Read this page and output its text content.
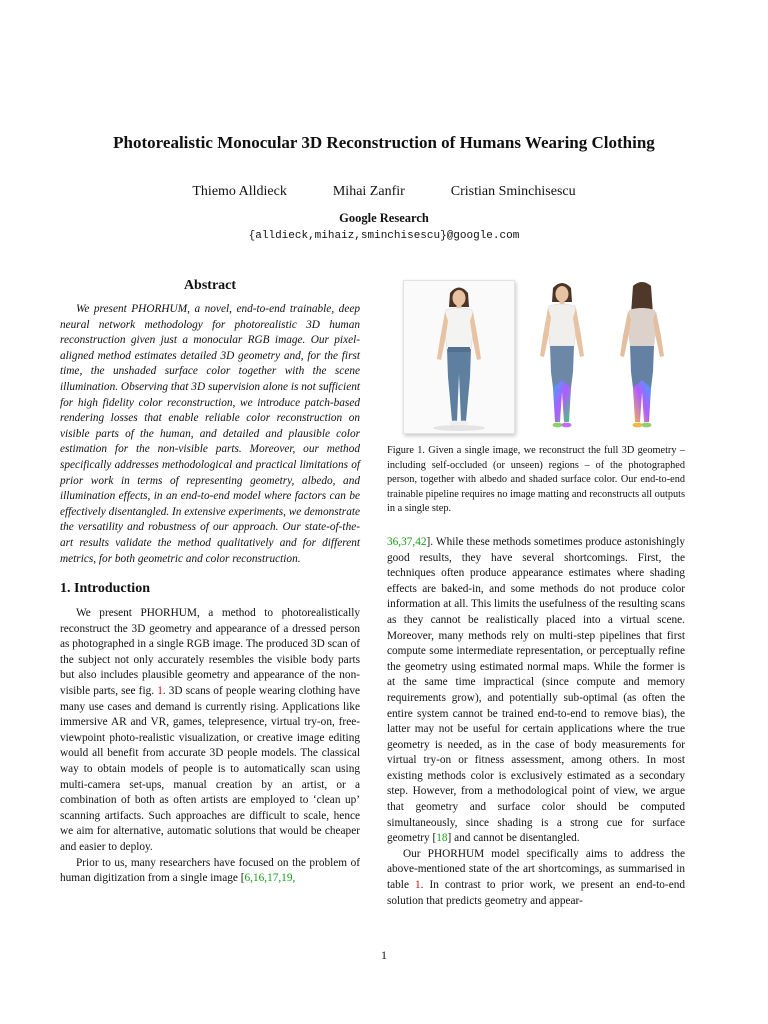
Photorealistic Monocular 3D Reconstruction of Humans Wearing Clothing
Thiemo Alldieck	Mihai Zanfir	Cristian Sminchisescu
Google Research
{alldieck,mihaiz,sminchisescu}@google.com
Abstract

We present PHORHUM, a novel, end-to-end trainable, deep neural network methodology for photorealistic 3D human reconstruction given just a monocular RGB image. Our pixel-aligned method estimates detailed 3D geometry and, for the first time, the unshaded surface color together with the scene illumination. Observing that 3D supervision alone is not sufficient for high fidelity color reconstruction, we introduce patch-based rendering losses that enable reliable color reconstruction on visible parts of the human, and detailed and plausible color estimation for the non-visible parts. Moreover, our method specifically addresses methodological and practical limitations of prior work in terms of representing geometry, albedo, and illumination effects, in an end-to-end model where factors can be effectively disentangled. In extensive experiments, we demonstrate the versatility and robustness of our approach. Our state-of-the-art results validate the method qualitatively and for different metrics, for both geometric and color reconstruction.

1. Introduction

We present PHORHUM, a method to photorealistically reconstruct the 3D geometry and appearance of a dressed person as photographed in a single RGB image. The produced 3D scan of the subject not only accurately resembles the visible body parts but also includes plausible geometry and appearance of the non-visible parts, see fig. 1. 3D scans of people wearing clothing have many use cases and demand is currently rising. Applications like immersive AR and VR, games, telepresence, virtual try-on, free-viewpoint photo-realistic visualization, or creative image editing would all benefit from accurate 3D people models. The classical way to obtain models of people is to automatically scan using multi-camera set-ups, manual creation by an artist, or a combination of both as often artists are employed to ‘clean up’ scanning artifacts. Such approaches are difficult to scale, hence we aim for alternative, automatic solutions that would be cheaper and easier to deploy.

Prior to us, many researchers have focused on the problem of human digitization from a single image [6,16,17,19,

Figure 1. Given a single image, we reconstruct the full 3D geometry – including self-occluded (or unseen) regions – of the photographed person, together with albedo and shaded surface color. Our end-to-end trainable pipeline requires no image matting and reconstructs all outputs in a single step.

36,37,42]. While these methods sometimes produce astonishingly good results, they have several shortcomings. First, the techniques often produce appearance estimates where shading effects are baked-in, and some methods do not produce color information at all. This limits the usefulness of the resulting scans as they cannot be realistically placed into a virtual scene. Moreover, many methods rely on multi-step pipelines that first compute some intermediate representation, or perceptually refine the geometry using estimated normal maps. While the former is at the same time impractical (since compute and memory requirements grow), and potentially sub-optimal (as often the entire system cannot be trained end-to-end to remove bias), the latter may not be useful for certain applications where the true geometry is needed, as in the case of body measurements for virtual try-on or fitness assessment, among others. In most existing methods color is exclusively estimated as a secondary step. However, from a methodological point of view, we argue that geometry and surface color should be computed simultaneously, since shading is a strong cue for surface geometry [18] and cannot be disentangled.

Our PHORHUM model specifically aims to address the above-mentioned state of the art shortcomings, as summarised in table 1. In contrast to prior work, we present an end-to-end solution that predicts geometry and appear-

1
